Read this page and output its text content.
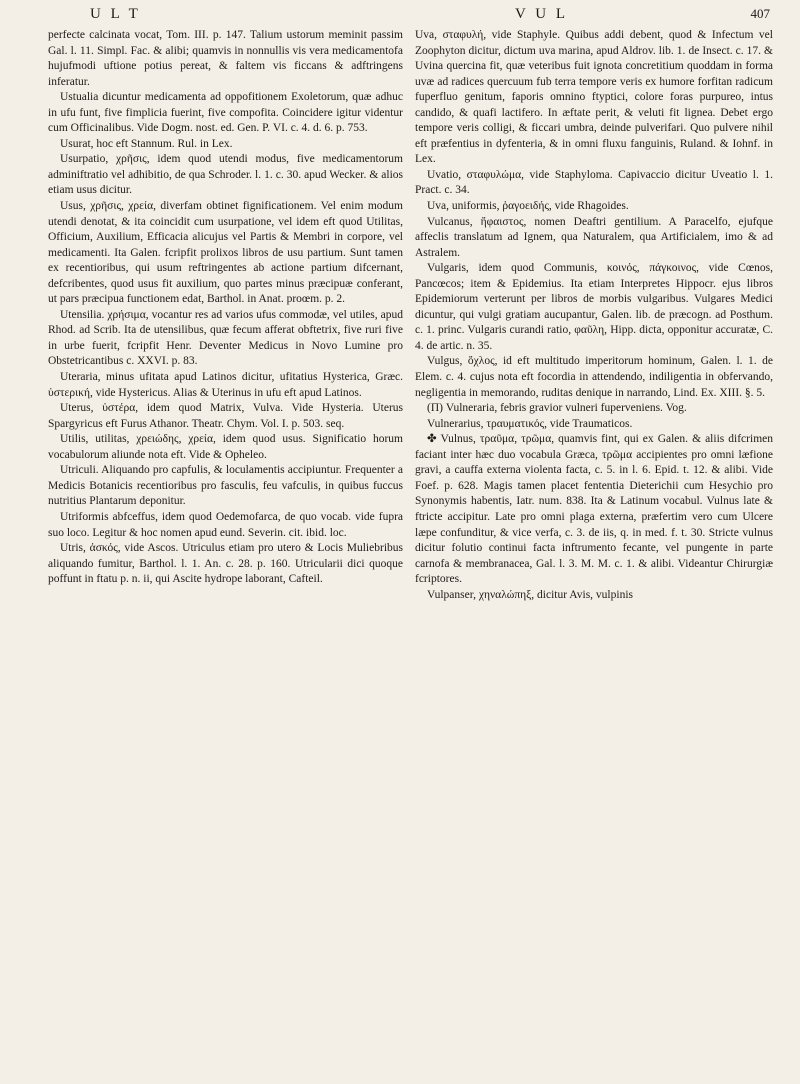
U L T	V U L	407

perfecte calcinata vocat, Tom. III. p. 147. Talium ustorum meminit passim Gal. l. 11. Simpl. Fac. & alibi; quamvis in nonnullis vis vera medicamentofa hujufmodi uftione potius pereat, & faltem vis ficcans & adftringens inferatur.

Ustualia dicuntur medicamenta ad oppofitionem Exoletorum, quæ adhuc in ufu funt, five fimplicia fuerint, five compofita. Coincidere igitur videntur cum Officinalibus. Vide Dogm. nost. ed. Gen. P. VI. c. 4. d. 6. p. 753.

Usurat, hoc eft Stannum. Rul. in Lex.

Usurpatio, χρῆσις, idem quod utendi modus, five medicamentorum adminiftratio vel adhibitio, de qua Schroder. l. 1. c. 30. apud Wecker. & alios etiam usus dicitur.

Usus, χρῆσις, χρεία, diverfam obtinet fignificationem. Vel enim modum utendi denotat, & ita coincidit cum usurpatione, vel idem eft quod Utilitas, Officium, Auxilium, Efficacia alicujus vel Partis & Membri in corpore, vel medicamenti. Ita Galen. fcripfit prolixos libros de usu partium. Sunt tamen ex recentioribus, qui usum reftringentes ab actione partium difcernant, defcribentes, quod usus fit auxilium, quo partes minus præcipuæ conferant, ut pars præcipua functionem edat, Barthol. in Anat. proœm. p. 2.

Utensilia. χρήσιμα, vocantur res ad varios ufus commodæ, vel utiles, apud Rhod. ad Scrib. Ita de utensilibus, quæ fecum afferat obftetrix, five ruri five in urbe fuerit, fcripfit Henr. Deventer Medicus in Novo Lumine pro Obstetricantibus c. XXVI. p. 83.

Uteraria, minus ufitata apud Latinos dicitur, ufitatius Hysterica, Græc. ὑστερική, vide Hystericus. Alias & Uterinus in ufu eft apud Latinos.

Uterus, ὑστέρα, idem quod Matrix, Vulva. Vide Hysteria. Uterus Spargyricus eft Furus Athanor. Theatr. Chym. Vol. I. p. 503. seq.

Utilis, utilitas, χρειώδης, χρεία, idem quod usus. Significatio horum vocabulorum aliunde nota eft. Vide & Opheleo.

Utriculi. Aliquando pro capfulis, & loculamentis accipiuntur. Frequenter a Medicis Botanicis recentioribus pro fasculis, feu vafculis, in quibus fuccus nutritius Plantarum deponitur.

Utriformis abfceffus, idem quod Oedemofarca, de quo vocab. vide fupra suo loco. Legitur & hoc nomen apud eund. Severin. cit. ibid. loc.

Utris, ἀσκός, vide Ascos. Utriculus etiam pro utero & Locis Muliebribus aliquando fumitur, Barthol. l. 1. An. c. 28. p. 160. Utricularii dici quoque poffunt in ftatu p. n. ii, qui Ascite hydrope laborant, Cafteil.

Uva, σταφυλή, vide Staphyle. Quibus addi debent, quod & Infectum vel Zoophyton dicitur, dictum uva marina, apud Aldrov. lib. 1. de Insect. c. 17. & Uvina quercina fit, quæ veteribus fuit ignota concretitium quoddam in forma uvæ ad radices quercuum fub terra tempore veris ex humore forfitan radicum fuperfluo genitum, faporis omnino ftyptici, colore foras purpureo, intus candido, & quafi lactifero. In æftate perit, & veluti fit lignea. Debet ergo tempore veris colligi, & ficcari umbra, deinde pulverifari. Quo pulvere nihil eft præfentius in dyfenteria, & in omni fluxu fanguinis, Ruland. & Iohnf. in Lex.

Uvatio, σταφυλώμα, vide Staphyloma. Capivaccio dicitur Uveatio l. 1. Pract. c. 34.

Uva, uniformis, ῥαγοειδής, vide Rhagoides.

Vulcanus, ἥφαιστος, nomen Deaftri gentilium. A Paracelfo, ejufque affeclis translatum ad Ignem, qua Naturalem, qua Artificialem, imo & ad Astralem.

Vulgaris, idem quod Communis, κοινός, πάγκοινος, vide Cœnos, Pancœcos; item & Epidemius. Ita etiam Interpretes Hippocr. ejus libros Epidemiorum verterunt per libros de morbis vulgaribus. Vulgares Medici dicuntur, qui vulgi gratiam aucupantur, Galen. lib. de præcogn. ad Posthum. c. 1. princ. Vulgaris curandi ratio, φαῦλη, Hipp. dicta, opponitur accuratæ, C. 4. de artic. n. 35.

Vulgus, ὄχλος, id eft multitudo imperitorum hominum, Galen. l. 1. de Elem. c. 4. cujus nota eft focordia in attendendo, indiligentia in obfervando, negligentia in memorando, ruditas denique in narrando, Lind. Ex. XIII. §. 5.

(Π) Vulneraria, febris gravior vulneri fuperveniens. Vog.

Vulnerarius, τραυματικός, vide Traumaticos.

✤ Vulnus, τραῦμα, τρῶμα, quamvis fint, qui ex Galen. & aliis difcrimen faciant inter hæc duo vocabula Græca, τρῶμα accipientes pro omni læfione gravi, a cauffa externa violenta facta, c. 5. in l. 6. Epid. t. 12. & alibi. Vide Foef. p. 628. Magis tamen placet fententia Dieterichii cum Hesychio pro Synonymis habentis, Iatr. num. 838. Ita & Latinum vocabul. Vulnus late & ftricte accipitur. Late pro omni plaga externa, præfertim vero cum Ulcere læpe confunditur, & vice verfa, c. 3. de iis, q. in med. f. t. 30. Stricte vulnus dicitur folutio continui facta inftrumento fecante, vel pungente in parte carnofa & membranacea, Gal. l. 3. M. M. c. 1. & alibi. Videantur Chirurgiæ fcriptores.

Vulpanser, χηναλώπηξ, dicitur Avis, vulpinis
